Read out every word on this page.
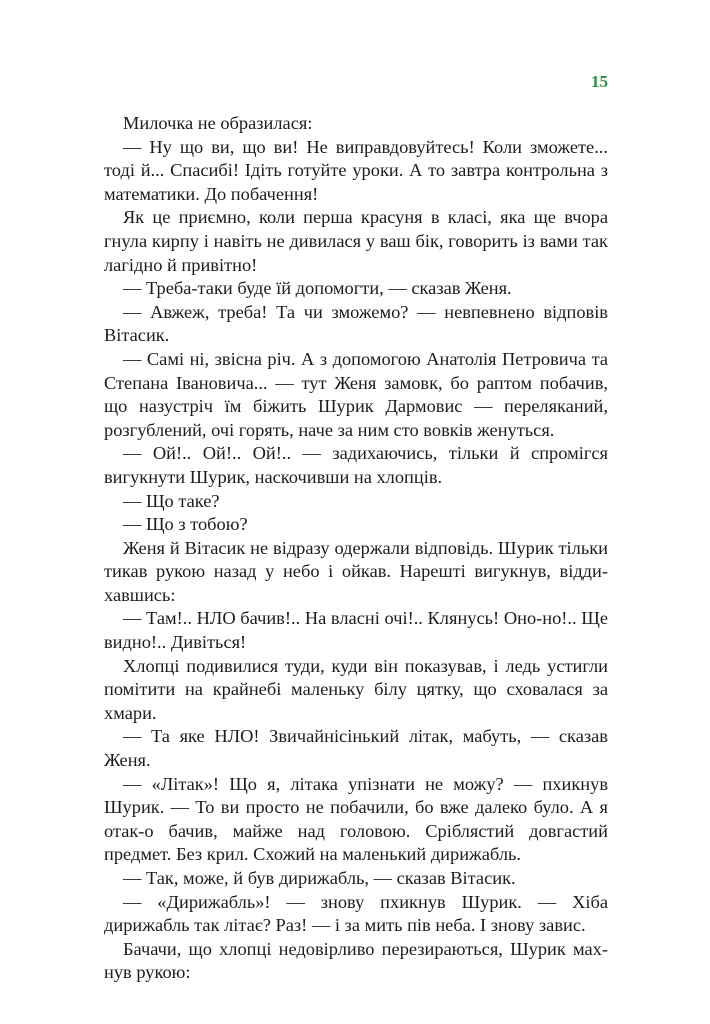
15

Милочка не образилася:

— Ну що ви, що ви! Не виправдовуйтесь! Коли зможете... тоді й... Спасибі! Ідіть готуйте уроки. А то завтра контрольна з математики. До побачення!

Як це приємно, коли перша красуня в класі, яка ще вчора гнула кирпу і навіть не дивилася у ваш бік, говорить із вами так лагідно й привітно!

— Треба-таки буде їй допомогти, — сказав Женя.

— Авжеж, треба! Та чи зможемо? — невпевнено відповів Вітасик.

— Самі ні, звісна річ. А з допомогою Анатолія Петровича та Степана Івановича... — тут Женя замовк, бо раптом побачив, що назустріч їм біжить Шурик Дармовис — переляканий, розгублений, очі горять, наче за ним сто вовків женуться.

— Ой!.. Ой!.. Ой!.. — задихаючись, тільки й спромігся вигукнути Шурик, наскочивши на хлопців.

— Що таке?

— Що з тобою?

Женя й Вітасик не відразу одержали відповідь. Шурик тільки тикав рукою назад у небо і ойкав. Нарешті вигукнув, віддихавшись:

— Там!.. НЛО бачив!.. На власні очі!.. Клянусь! Оно-но!.. Ще видно!.. Дивіться!

Хлопці подивилися туди, куди він показував, і ледь устигли помітити на крайнебі маленьку білу цятку, що сховалася за хмари.

— Та яке НЛО! Звичайнісінький літак, мабуть, — сказав Женя.

— «Літак»! Що я, літака упізнати не можу? — пхикнув Шурик. — То ви просто не побачили, бо вже далеко було. А я отак-о бачив, майже над головою. Сріблястий довгастий предмет. Без крил. Схожий на маленький дирижабль.

— Так, може, й був дирижабль, — сказав Вітасик.

— «Дирижабль»! — знову пхикнув Шурик. — Хіба дирижабль так літає? Раз! — і за мить пів неба. І знову завис.

Бачачи, що хлопці недовірливо перезираються, Шурик махнув рукою:
